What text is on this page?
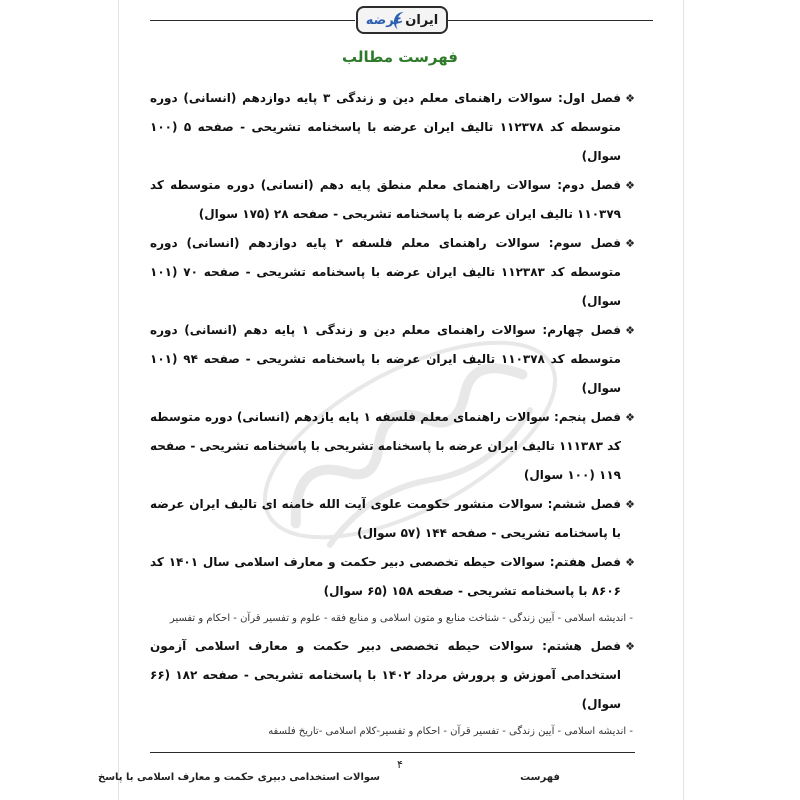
ایران
عرضه
فهرست مطالب
❖
فصل اول: سوالات راهنمای معلم دین و زندگی ۳ پایه دوازدهم (انسانی) دوره متوسطه کد ۱۱۲۳۷۸ تالیف ایران عرضه با پاسخنامه تشریحی - صفحه ۵ (۱۰۰ سوال)
❖
فصل دوم: سوالات راهنمای معلم منطق پایه دهم (انسانی) دوره متوسطه کد ۱۱۰۳۷۹ تالیف ایران عرضه با پاسخنامه تشریحی - صفحه ۲۸ (۱۷۵ سوال)
❖
فصل سوم: سوالات راهنمای معلم فلسفه ۲ پایه دوازدهم (انسانی) دوره متوسطه کد ۱۱۲۳۸۳ تالیف ایران عرضه با پاسخنامه تشریحی - صفحه ۷۰ (۱۰۱ سوال)
❖
فصل چهارم: سوالات راهنمای معلم دین و زندگی ۱ پایه دهم (انسانی) دوره متوسطه کد ۱۱۰۳۷۸ تالیف ایران عرضه با پاسخنامه تشریحی - صفحه ۹۴ (۱۰۱ سوال)
❖
فصل پنجم: سوالات راهنمای معلم فلسفه ۱ پایه یازدهم (انسانی) دوره متوسطه کد ۱۱۱۳۸۳ تالیف ایران عرضه با پاسخنامه تشریحی با پاسخنامه تشریحی - صفحه ۱۱۹ (۱۰۰ سوال)
❖
فصل ششم: سوالات منشور حکومت علوی آیت الله خامنه ای تالیف ایران عرضه با پاسخنامه تشریحی - صفحه ۱۴۴ (۵۷ سوال)
❖
فصل هفتم: سوالات حیطه تخصصی دبیر حکمت و معارف اسلامی سال ۱۴۰۱ کد ۸۶۰۶ با پاسخنامه تشریحی - صفحه ۱۵۸ (۶۵ سوال)
- اندیشه اسلامی - آیین زندگی - شناخت منابع و متون اسلامی و منابع فقه - علوم و تفسیر قرآن - احکام و تفسیر
❖
فصل هشتم: سوالات حیطه تخصصی دبیر حکمت و معارف اسلامی آزمون استخدامی آموزش و پرورش مرداد ۱۴۰۲ با پاسخنامه تشریحی - صفحه ۱۸۲ (۶۶ سوال)
- اندیشه اسلامی - آیین زندگی - تفسیر قرآن - احکام و تفسیر-کلام اسلامی -تاریخ فلسفه
۴
سوالات استخدامی دبیری حکمت و معارف اسلامی با پاسخ	فهرست
